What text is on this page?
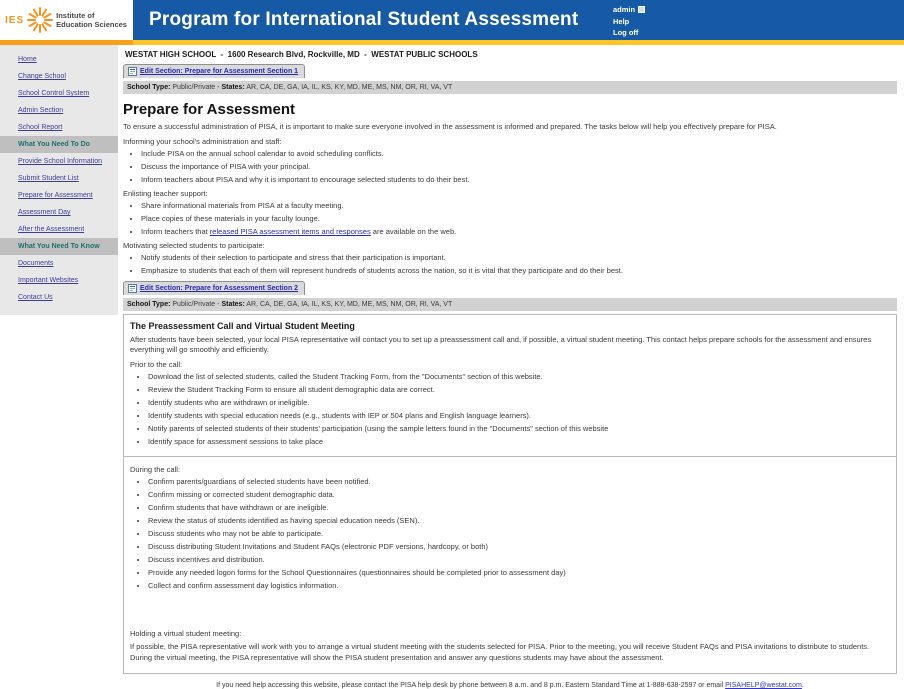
IES	Institute of
Education Sciences Program for International Student Assessment	admin
Help
Log off
Home
Change School
School Control System
Admin Section
School Report
What You Need To Do
Provide School Information
Submit Student List
Prepare for Assessment
Assessment Day
After the Assessment
What You Need To Know
Documents
Important Websites
Contact Us
WESTAT HIGH SCHOOL  -  1600 Research Blvd, Rockville, MD  -  WESTAT PUBLIC SCHOOLS
Edit Section: Prepare for Assessment Section 1
School Type: Public/Private - States: AR, CA, DE, GA, IA, IL, KS, KY, MD, ME, MS, NM, OR, RI, VA, VT
Prepare for Assessment

To ensure a successful administration of PISA, it is important to make sure everyone involved in the assessment is informed and prepared. The tasks below will help you effectively prepare for PISA.

Informing your school's administration and staff:
• Include PISA on the annual school calendar to avoid scheduling conflicts.
• Discuss the importance of PISA with your principal.
• Inform teachers about PISA and why it is important to encourage selected students to do their best.
Enlisting teacher support:
• Share informational materials from PISA at a faculty meeting.
• Place copies of these materials in your faculty lounge.
• Inform teachers that released PISA assessment items and responses are available on the web.
Motivating selected students to participate:
• Notify students of their selection to participate and stress that their participation is important.
• Emphasize to students that each of them will represent hundreds of students across the nation, so it is vital that they participate and do their best.
Edit Section: Prepare for Assessment Section 2
School Type: Public/Private - States: AR, CA, DE, GA, IA, IL, KS, KY, MD, ME, MS, NM, OR, RI, VA, VT
The Preassessment Call and Virtual Student Meeting

After students have been selected, your local PISA representative will contact you to set up a preassessment call and, if possible, a virtual student meeting. This contact helps prepare schools for the assessment and ensures everything will go smoothly and efficiently.

Prior to the call:
• Download the list of selected students, called the Student Tracking Form, from the "Documents" section of this website.
• Review the Student Tracking Form to ensure all student demographic data are correct.
• Identify students who are withdrawn or ineligible.
• Identify students with special education needs (e.g., students with IEP or 504 plans and English language learners).
• Notify parents of selected students of their students' participation (using the sample letters found in the "Documents" section of this website
• Identify space for assessment sessions to take place
During the call:
• Confirm parents/guardians of selected students have been notified.
• Confirm missing or corrected student demographic data.
• Confirm students that have withdrawn or are ineligible.
• Review the status of students identified as having special education needs (SEN).
• Discuss students who may not be able to participate.
• Discuss distributing Student Invitations and Student FAQs (electronic PDF versions, hardcopy, or both)
• Discuss incentives and distribution.
• Provide any needed logon forms for the School Questionnaires (questionnaires should be completed prior to assessment day)
• Collect and confirm assessment day logistics information.
Holding a virtual student meeting:

If possible, the PISA representative will work with you to arrange a virtual student meeting with the students selected for PISA. Prior to the meeting, you will receive Student FAQs and PISA invitations to distribute to students. During the virtual meeting, the PISA representative will show the PISA student presentation and answer any questions students may have about the assessment.

If you need help accessing this website, please contact the PISA help desk by phone between 8 a.m. and 8 p.m. Eastern Standard Time at 1-888-638-2597 or email PISAHELP@westat.com.
